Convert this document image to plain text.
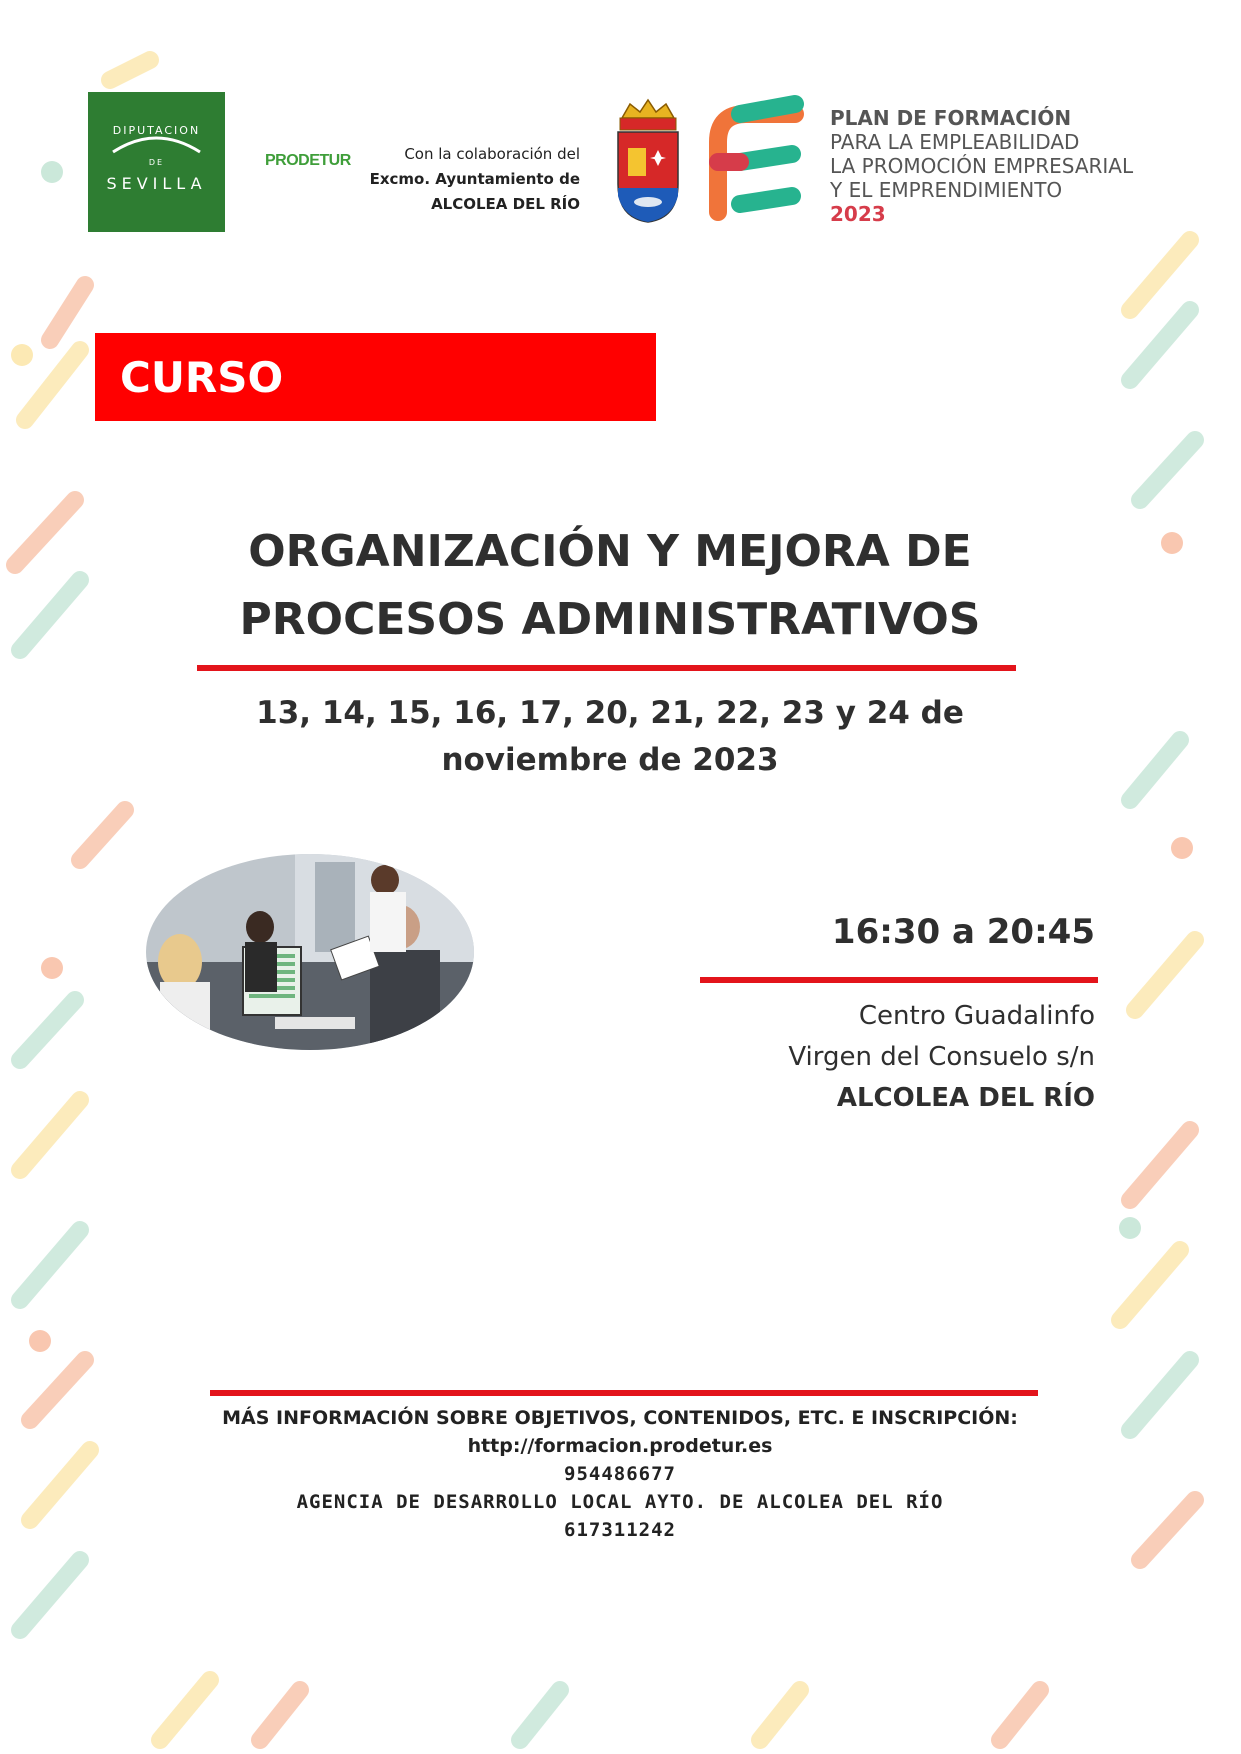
DIPUTACION
DE
SEVILLA
PRODETUR	Con la colaboración del
Excmo. Ayuntamiento de
ALCOLEA DEL RÍO
PLAN DE FORMACIÓN
PARA LA EMPLEABILIDAD
LA PROMOCIÓN EMPRESARIAL
Y EL EMPRENDIMIENTO
2023
CURSO
ORGANIZACIÓN Y MEJORA DE
PROCESOS ADMINISTRATIVOS
13, 14, 15, 16, 17, 20, 21, 22, 23 y 24 de
noviembre de 2023
16:30 a 20:45
Centro Guadalinfo
Virgen del Consuelo s/n
ALCOLEA DEL RÍO
MÁS INFORMACIÓN SOBRE OBJETIVOS, CONTENIDOS, ETC. E INSCRIPCIÓN:
http://formacion.prodetur.es
954486677
AGENCIA DE DESARROLLO LOCAL AYTO. DE ALCOLEA DEL RÍO
617311242
